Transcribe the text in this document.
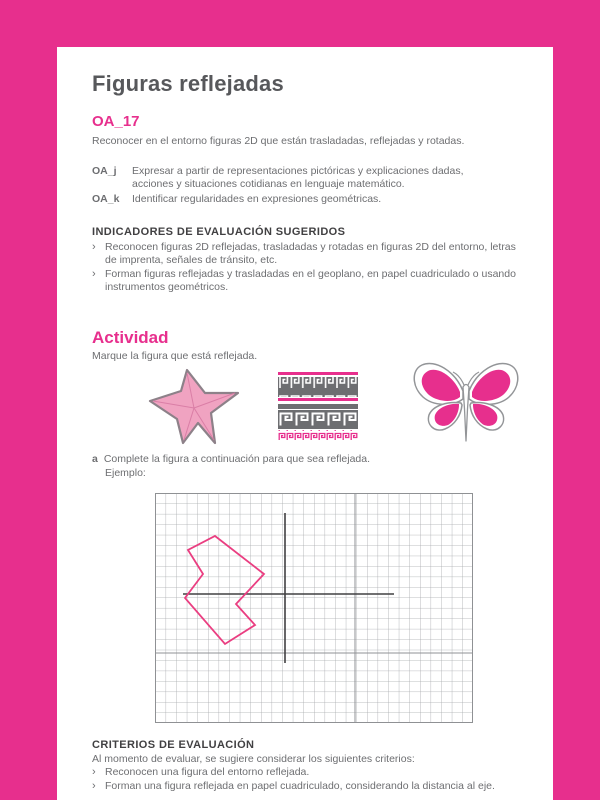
Figuras reflejadas
OA_17
Reconocer en el entorno figuras 2D que están trasladadas, reflejadas y rotadas.
OA_j	Expresar a partir de representaciones pictóricas y explicaciones dadas, acciones y situaciones cotidianas en lenguaje matemático.
OA_k	Identificar regularidades en expresiones geométricas.
INDICADORES DE EVALUACIÓN SUGERIDOS
› Reconocen figuras 2D reflejadas, trasladadas y rotadas en figuras 2D del entorno, letras de imprenta, señales de tránsito, etc.
› Forman figuras reflejadas y trasladadas en el geoplano, en papel cuadriculado o usando instrumentos geométricos.
Actividad
Marque la figura que está reflejada.
a Complete la figura a continuación para que sea reflejada.
Ejemplo:
CRITERIOS DE EVALUACIÓN
Al momento de evaluar, se sugiere considerar los siguientes criterios:
› Reconocen una figura del entorno reflejada.
› Forman una figura reflejada en papel cuadriculado, considerando la distancia al eje.
